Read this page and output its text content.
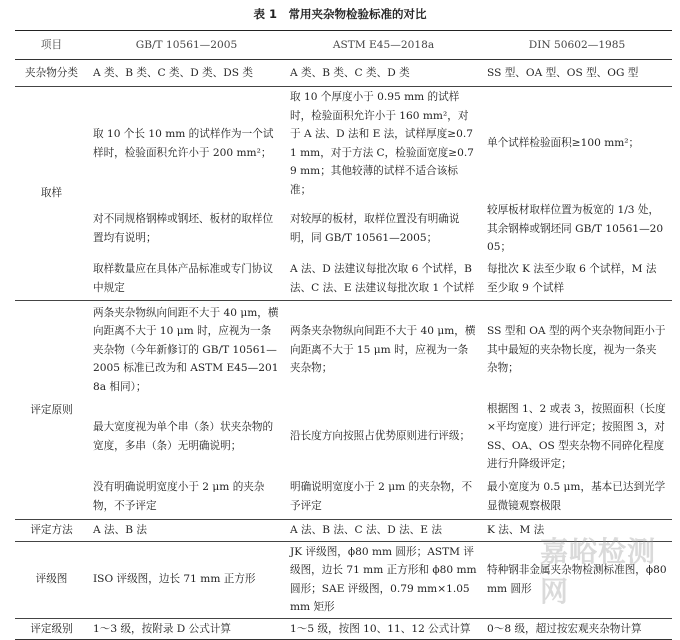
表 1　常用夹杂物检验标准的对比
项目	GB/T 10561—2005	ASTM E45—2018a	DIN 50602—1985
夹杂物分类	A 类、B 类、C 类、D 类、DS 类	A 类、B 类、C 类、D 类	SS 型、OA 型、OS 型、OG 型
取样	取 10 个长 10 mm 的试样作为一个试样时，检验面积允许小于 200 mm²；	取 10 个厚度小于 0.95 mm 的试样时，检验面积允许小于 160 mm²，对于 A 法、D 法和 E 法，试样厚度≥0.71 mm，对于方法 C，检验面宽度≥0.79 mm；其他较薄的试样不适合该标准；	单个试样检验面积≥100 mm²；
	对不同规格钢棒或钢坯、板材的取样位置均有说明；	对较厚的板材，取样位置没有明确说明，同 GB/T 10561—2005；	较厚板材取样位置为板宽的 1/3 处，其余钢棒或钢坯同 GB/T 10561—2005；
	取样数量应在具体产品标准或专门协议中规定	A 法、D 法建议每批次取 6 个试样，B 法、C 法、E 法建议每批次取 1 个试样	每批次 K 法至少取 6 个试样，M 法至少取 9 个试样
评定原则	两条夹杂物纵向间距不大于 40 μm，横向距离不大于 10 μm 时，应视为一条夹杂物（今年新修订的 GB/T 10561—2005 标准已改为和 ASTM E45—2018a 相同）；	两条夹杂物纵向间距不大于 40 μm，横向距离不大于 15 μm 时，应视为一条夹杂物；	SS 型和 OA 型的两个夹杂物间距小于其中最短的夹杂物长度，视为一条夹杂物；
	最大宽度视为单个串（条）状夹杂物的宽度，多串（条）无明确说明；	沿长度方向按照占优势原则进行评级；	根据图 1、2 或表 3，按照面积（长度×平均宽度）进行评定；按照图 3，对 SS、OA、OS 型夹杂物不同碎化程度进行升降级评定；
	没有明确说明宽度小于 2 μm 的夹杂物，不予评定	明确说明宽度小于 2 μm 的夹杂物，不予评定	最小宽度为 0.5 μm，基本已达到光学显微镜观察极限
评定方法	A 法、B 法	A 法、B 法、C 法、D 法、E 法	K 法、M 法
评级图	ISO 评级图，边长 71 mm 正方形	JK 评级图，ϕ80 mm 圆形；ASTM 评级图，边长 71 mm 正方形和 ϕ80 mm 圆形；SAE 评级图，0.79 mm×1.05 mm 矩形	特种钢非金属夹杂物检测标准图，ϕ80 mm 圆形
评定级别	1～3 级，按附录 D 公式计算	1～5 级，按图 10、11、12 公式计算	0～8 级，超过按宏观夹杂物计算
嘉峪检测网
